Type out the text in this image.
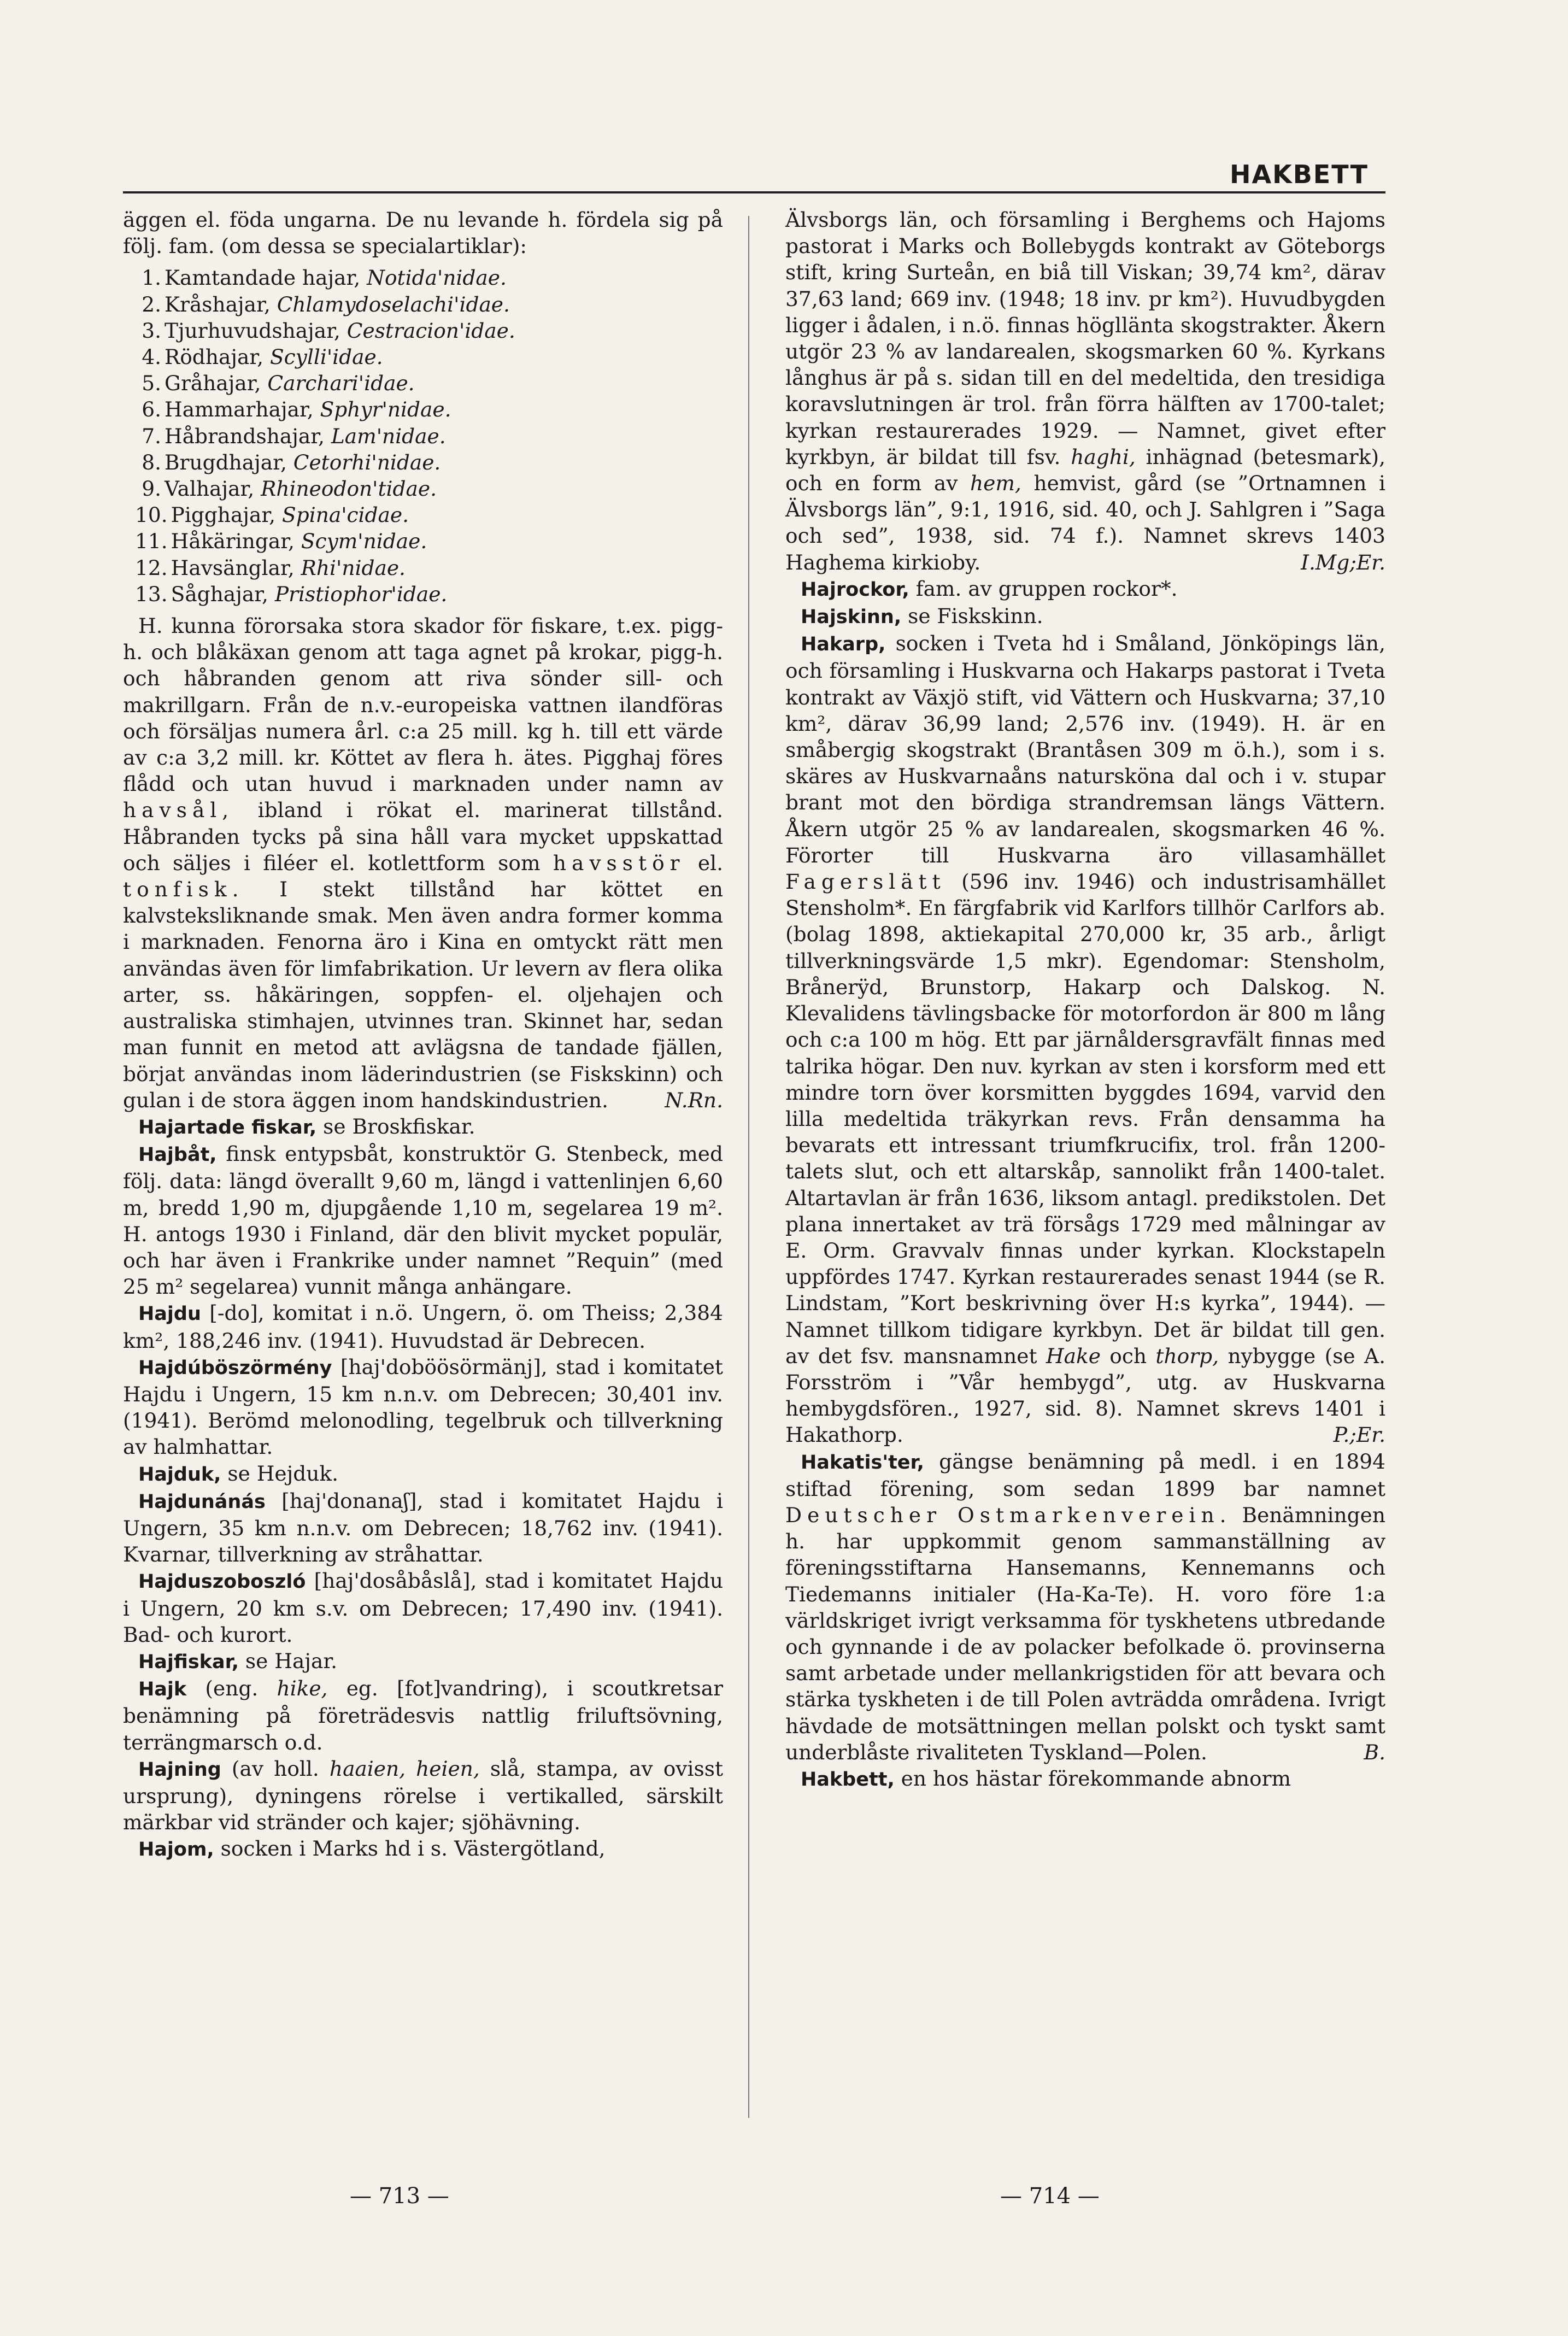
HAKBETT

äggen el. föda ungarna. De nu levande h. fördela sig på följ. fam. (om dessa se specialartiklar):

1. Kamtandade hajar, Notida'nidae.
2. Kråshajar, Chlamydoselachi'idae.
3. Tjurhuvudshajar, Cestracion'idae.
4. Rödhajar, Scylli'idae.
5. Gråhajar, Carchari'idae.
6. Hammarhajar, Sphyr'nidae.
7. Håbrandshajar, Lam'nidae.
8. Brugdhajar, Cetorhi'nidae.
9. Valhajar, Rhineodon'tidae.
10. Pigghajar, Spina'cidae.
11. Håkäringar, Scym'nidae.
12. Havsänglar, Rhi'nidae.
13. Såghajar, Pristiophor'idae.

H. kunna förorsaka stora skador för fiskare, t.ex. pigg-h. och blåkäxan genom att taga agnet på krokar, pigg-h. och håbranden genom att riva sönder sill- och makrillgarn. Från de n.v.-europeiska vattnen ilandföras och försäljas numera årl. c:a 25 mill. kg h. till ett värde av c:a 3,2 mill. kr. Köttet av flera h. ätes. Pigghaj föres flådd och utan huvud i marknaden under namn av havsål, ibland i rökat el. marinerat tillstånd. Håbranden tycks på sina håll vara mycket uppskattad och säljes i filéer el. kotlettform som havsstör el. tonfisk. I stekt tillstånd har köttet en kalvsteksliknande smak. Men även andra former komma i marknaden. Fenorna äro i Kina en omtyckt rätt men användas även för limfabrikation. Ur levern av flera olika arter, ss. håkäringen, soppfen- el. oljehajen och australiska stimhajen, utvinnes tran. Skinnet har, sedan man funnit en metod att avlägsna de tandade fjällen, börjat användas inom läderindustrien (se Fiskskinn) och gulan i de stora äggen inom handskindustrien.	N.Rn.

Hajartade fiskar, se Broskfiskar.

Hajbåt, finsk entypsbåt, konstruktör G. Stenbeck, med följ. data: längd överallt 9,60 m, längd i vattenlinjen 6,60 m, bredd 1,90 m, djupgående 1,10 m, segelarea 19 m². H. antogs 1930 i Finland, där den blivit mycket populär, och har även i Frankrike under namnet ”Requin” (med 25 m² segelarea) vunnit många anhängare.

Hajdu [-do], komitat i n.ö. Ungern, ö. om Theiss; 2,384 km², 188,246 inv. (1941). Huvudstad är Debrecen.

Hajdúböszörmény [haj'doböösörmänj], stad i komitatet Hajdu i Ungern, 15 km n.n.v. om Debrecen; 30,401 inv. (1941). Berömd melonodling, tegelbruk och tillverkning av halmhattar.

Hajduk, se Hejduk.

Hajdunánás [haj'donanaʃ], stad i komitatet Hajdu i Ungern, 35 km n.n.v. om Debrecen; 18,762 inv. (1941). Kvarnar, tillverkning av stråhattar.

Hajduszoboszló [haj'dosåbåslå], stad i komitatet Hajdu i Ungern, 20 km s.v. om Debrecen; 17,490 inv. (1941). Bad- och kurort.

Hajfiskar, se Hajar.

Hajk (eng. hike, eg. [fot]vandring), i scoutkretsar benämning på företrädesvis nattlig friluftsövning, terrängmarsch o.d.

Hajning (av holl. haaien, heien, slå, stampa, av ovisst ursprung), dyningens rörelse i vertikalled, särskilt märkbar vid stränder och kajer; sjöhävning.

Hajom, socken i Marks hd i s. Västergötland,

Älvsborgs län, och församling i Berghems och Hajoms pastorat i Marks och Bollebygds kontrakt av Göteborgs stift, kring Surteån, en biå till Viskan; 39,74 km², därav 37,63 land; 669 inv. (1948; 18 inv. pr km²). Huvudbygden ligger i ådalen, i n.ö. finnas högllänta skogstrakter. Åkern utgör 23 % av landarealen, skogsmarken 60 %. Kyrkans långhus är på s. sidan till en del medeltida, den tresidiga koravslutningen är trol. från förra hälften av 1700-talet; kyrkan restaurerades 1929. — Namnet, givet efter kyrkbyn, är bildat till fsv. haghi, inhägnad (betesmark), och en form av hem, hemvist, gård (se ”Ortnamnen i Älvsborgs län”, 9:1, 1916, sid. 40, och J. Sahlgren i ”Saga och sed”, 1938, sid. 74 f.). Namnet skrevs 1403 Haghema kirkioby.	I.Mg;Er.

Hajrockor, fam. av gruppen rockor*.

Hajskinn, se Fiskskinn.

Hakarp, socken i Tveta hd i Småland, Jönköpings län, och församling i Huskvarna och Hakarps pastorat i Tveta kontrakt av Växjö stift, vid Vättern och Huskvarna; 37,10 km², därav 36,99 land; 2,576 inv. (1949). H. är en småbergig skogstrakt (Brantåsen 309 m ö.h.), som i s. skäres av Huskvarnaåns natursköna dal och i v. stupar brant mot den bördiga strandremsan längs Vättern. Åkern utgör 25 % av landarealen, skogsmarken 46 %. Förorter till Huskvarna äro villasamhället Fagerslätt (596 inv. 1946) och industrisamhället Stensholm*. En färgfabrik vid Karlfors tillhör Carlfors ab. (bolag 1898, aktiekapital 270,000 kr, 35 arb., årligt tillverkningsvärde 1,5 mkr). Egendomar: Stensholm, Brånerÿd, Brunstorp, Hakarp och Dalskog. N. Klevalidens tävlingsbacke för motorfordon är 800 m lång och c:a 100 m hög. Ett par järnåldersgravfält finnas med talrika högar. Den nuv. kyrkan av sten i korsform med ett mindre torn över korsmitten byggdes 1694, varvid den lilla medeltida träkyrkan revs. Från densamma ha bevarats ett intressant triumfkrucifix, trol. från 1200-talets slut, och ett altarskåp, sannolikt från 1400-talet. Altartavlan är från 1636, liksom antagl. predikstolen. Det plana innertaket av trä försågs 1729 med målningar av E. Orm. Gravvalv finnas under kyrkan. Klockstapeln uppfördes 1747. Kyrkan restaurerades senast 1944 (se R. Lindstam, ”Kort beskrivning över H:s kyrka”, 1944). — Namnet tillkom tidigare kyrkbyn. Det är bildat till gen. av det fsv. mansnamnet Hake och thorp, nybygge (se A. Forsström i ”Vår hembygd”, utg. av Huskvarna hembygdsfören., 1927, sid. 8). Namnet skrevs 1401 i Hakathorp.	P.;Er.

Hakatis'ter, gängse benämning på medl. i en 1894 stiftad förening, som sedan 1899 bar namnet Deutscher Ostmarkenverein. Benämningen h. har uppkommit genom sammanställning av föreningsstiftarna Hansemanns, Kennemanns och Tiedemanns initialer (Ha-Ka-Te). H. voro före 1:a världskriget ivrigt verksamma för tyskhetens utbredande och gynnande i de av polacker befolkade ö. provinserna samt arbetade under mellankrigstiden för att bevara och stärka tyskheten i de till Polen avträdda områdena. Ivrigt hävdade de motsättningen mellan polskt och tyskt samt underblåste rivaliteten Tyskland—Polen.	B.

Hakbett, en hos hästar förekommande abnorm

— 713 —	— 714 —
